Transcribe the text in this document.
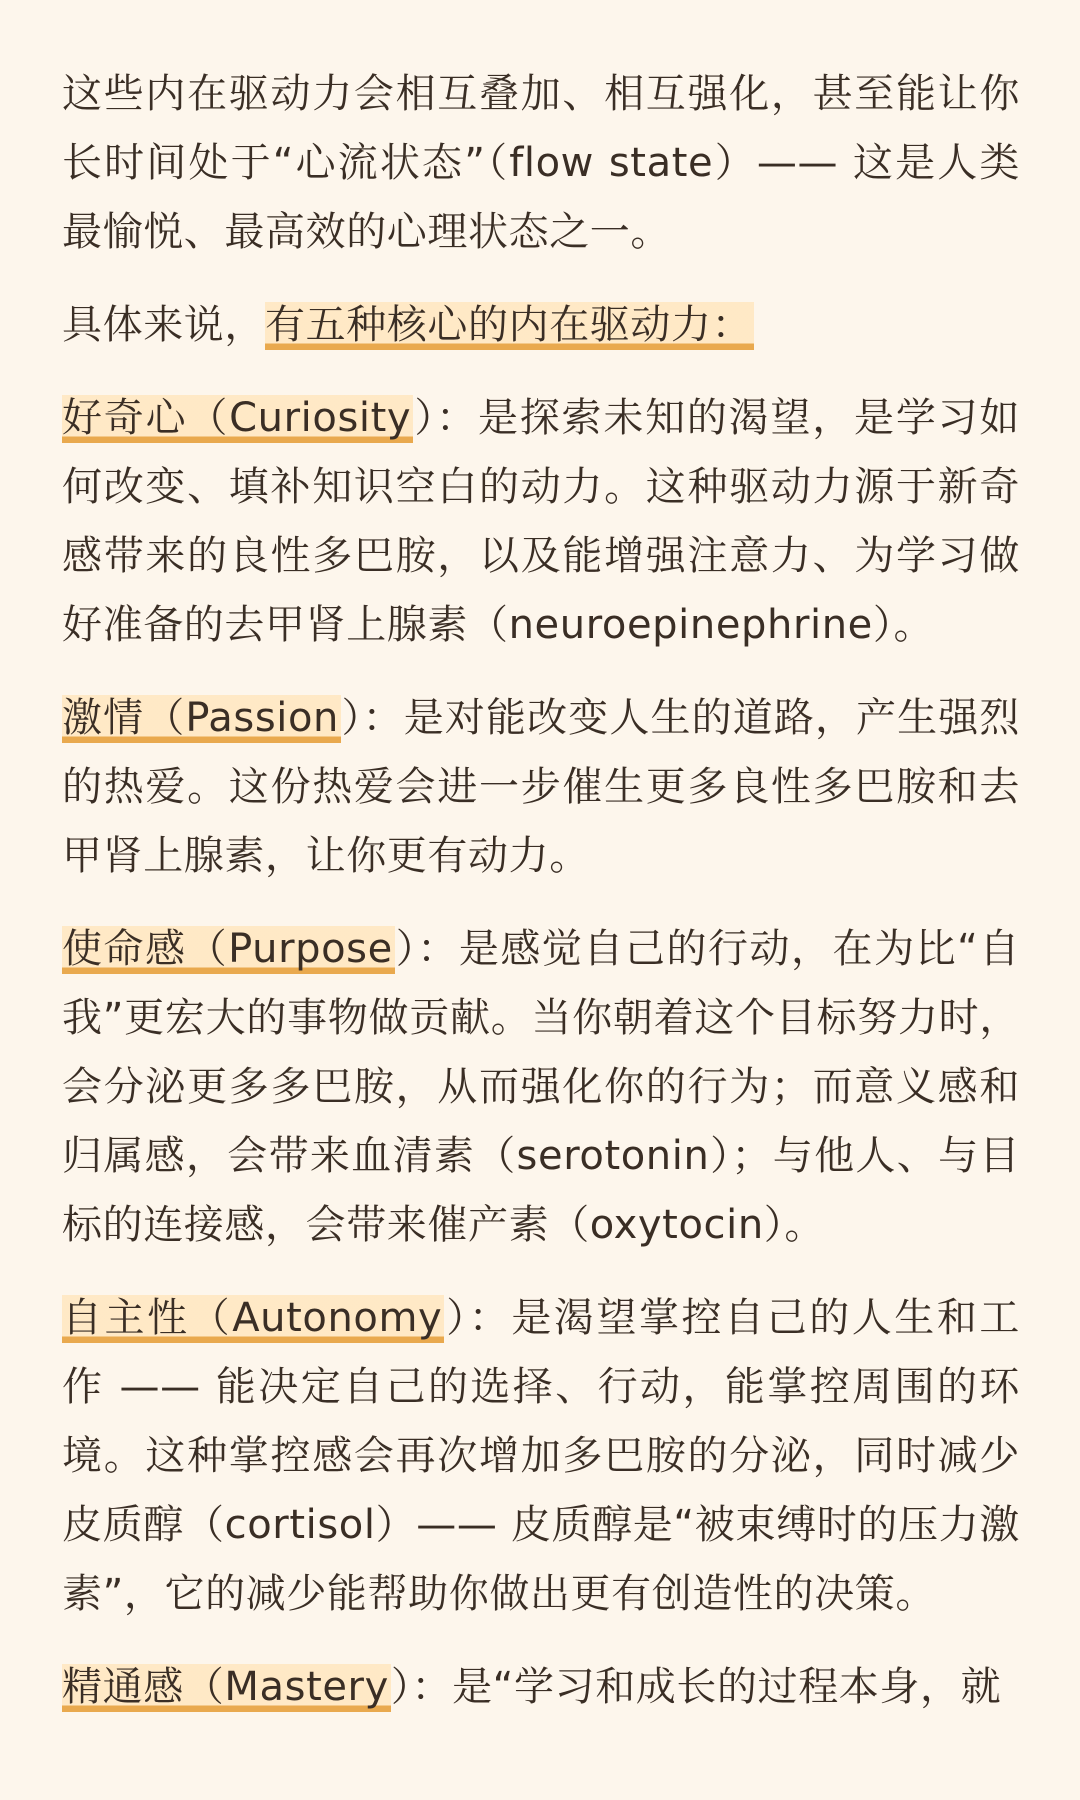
这些内在驱动力会相互叠加、相互强化，甚至能让你长时间处于“心流状态”（flow state）—— 这是人类最愉悦、最高效的心理状态之一。

具体来说，有五种核心的内在驱动力：

好奇心（Curiosity）：是探索未知的渴望，是学习如何改变、填补知识空白的动力。这种驱动力源于新奇感带来的良性多巴胺，以及能增强注意力、为学习做好准备的去甲肾上腺素（neuroepinephrine）。

激情（Passion）：是对能改变人生的道路，产生强烈的热爱。这份热爱会进一步催生更多良性多巴胺和去甲肾上腺素，让你更有动力。

使命感（Purpose）：是感觉自己的行动，在为比“自我”更宏大的事物做贡献。当你朝着这个目标努力时，会分泌更多多巴胺，从而强化你的行为；而意义感和归属感，会带来血清素（serotonin）；与他人、与目标的连接感，会带来催产素（oxytocin）。

自主性（Autonomy）：是渴望掌控自己的人生和工作 —— 能决定自己的选择、行动，能掌控周围的环境。这种掌控感会再次增加多巴胺的分泌，同时减少皮质醇（cortisol）—— 皮质醇是“被束缚时的压力激素”，它的减少能帮助你做出更有创造性的决策。

精通感（Mastery）：是“学习和成长的过程本身，就
